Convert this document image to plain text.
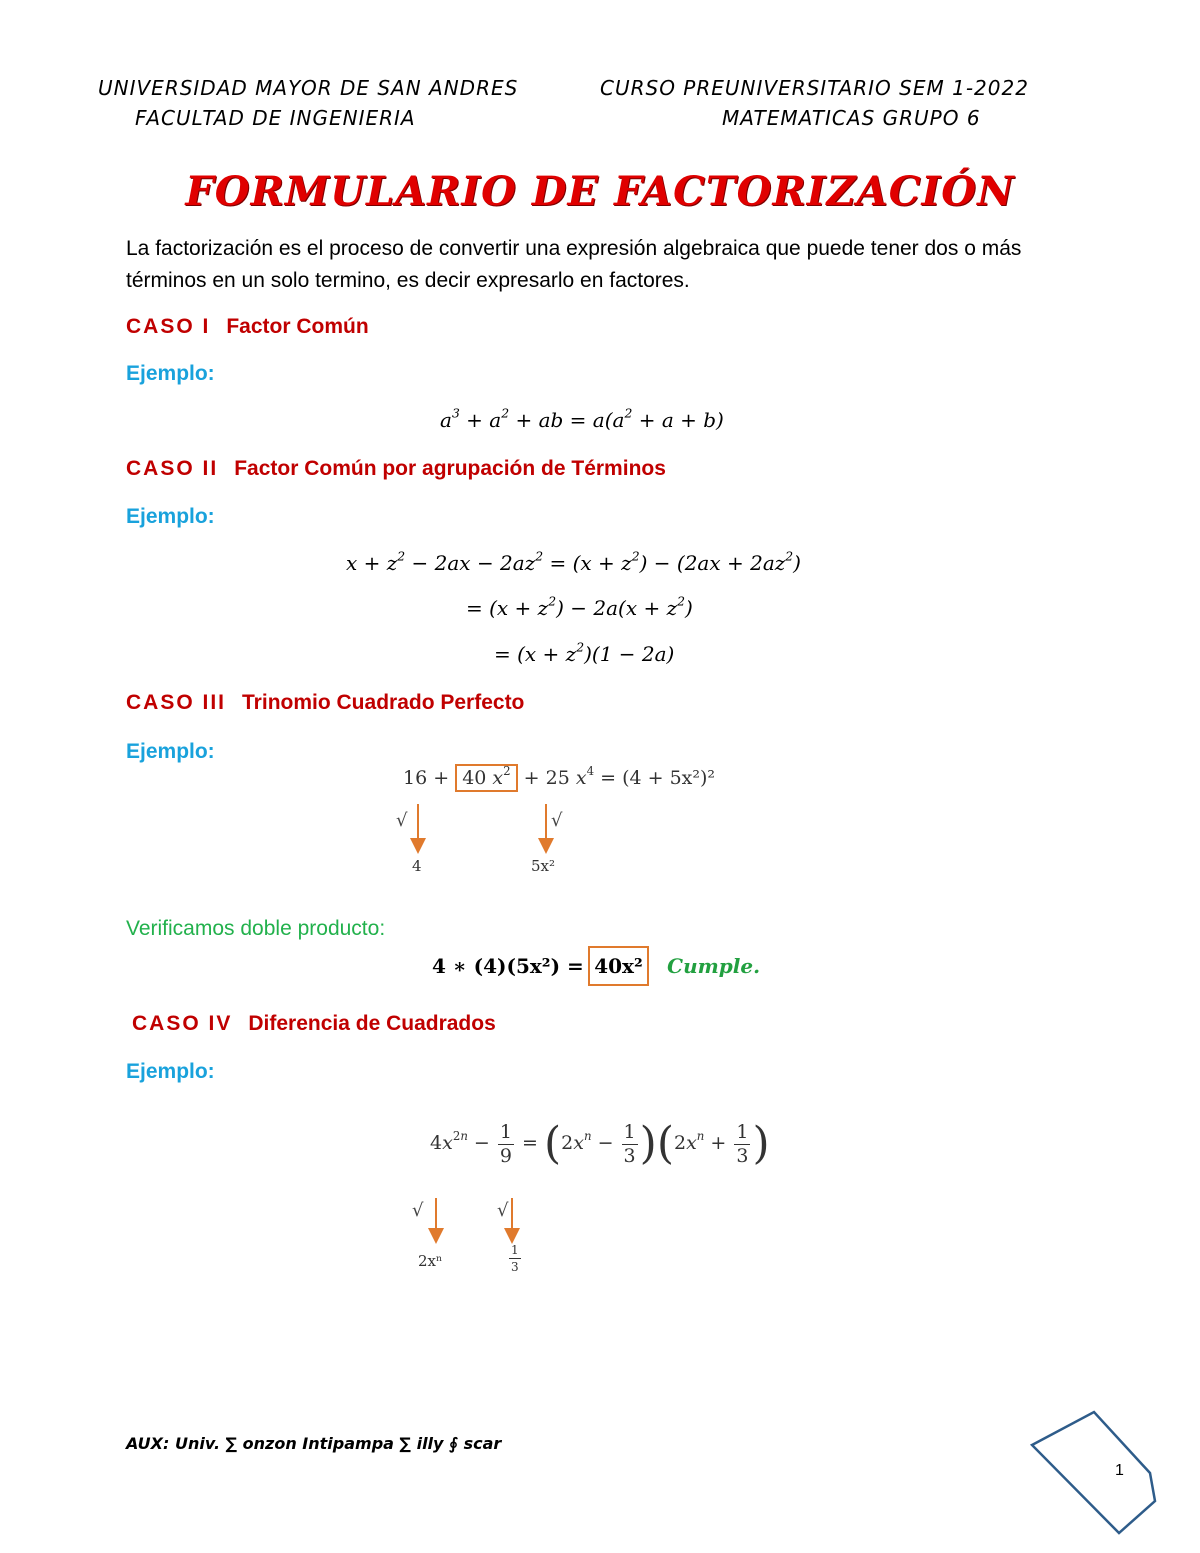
UNIVERSIDAD MAYOR DE SAN ANDRES
FACULTAD DE INGENIERIA
CURSO PREUNIVERSITARIO SEM 1-2022
MATEMATICAS GRUPO 6
FORMULARIO DE FACTORIZACIÓN
La factorización es el proceso de convertir una expresión algebraica que puede tener dos o más términos en un solo termino, es decir expresarlo en factores.
CASO I Factor Común
Ejemplo:
$a^3 + a^2$ + ab = $a(a^2 + a + b)$
CASO II Factor Común por agrupación de Términos
Ejemplo:
$x + z^2 - 2ax - 2az^2 = (x + z^2) - (2ax + 2az^2)$
= $(x + z^2) - 2a(x + z^2)$
= $(x + z^2)(1 - 2a)$
CASO III Trinomio Cuadrado Perfecto
Ejemplo:
16 + 40 $x^2 + 25$ $x^4 = (4 + 5x^2)^2$
√	√
4	5x²
Verificamos doble producto:
4 ∗ (4)(5x²) = 40x² Cumple.
CASO IV Diferencia de Cuadrados
Ejemplo:
$4x^{2n} - \frac{1}{9} = (2x^n - \frac{1}{3} )(2x^n + \frac{1}{3}$ )
√	√
2xⁿ	$\frac{1}{3}$
AUX: Univ. ∑ onzon Intipampa ∑ illy ∮ scar
1
